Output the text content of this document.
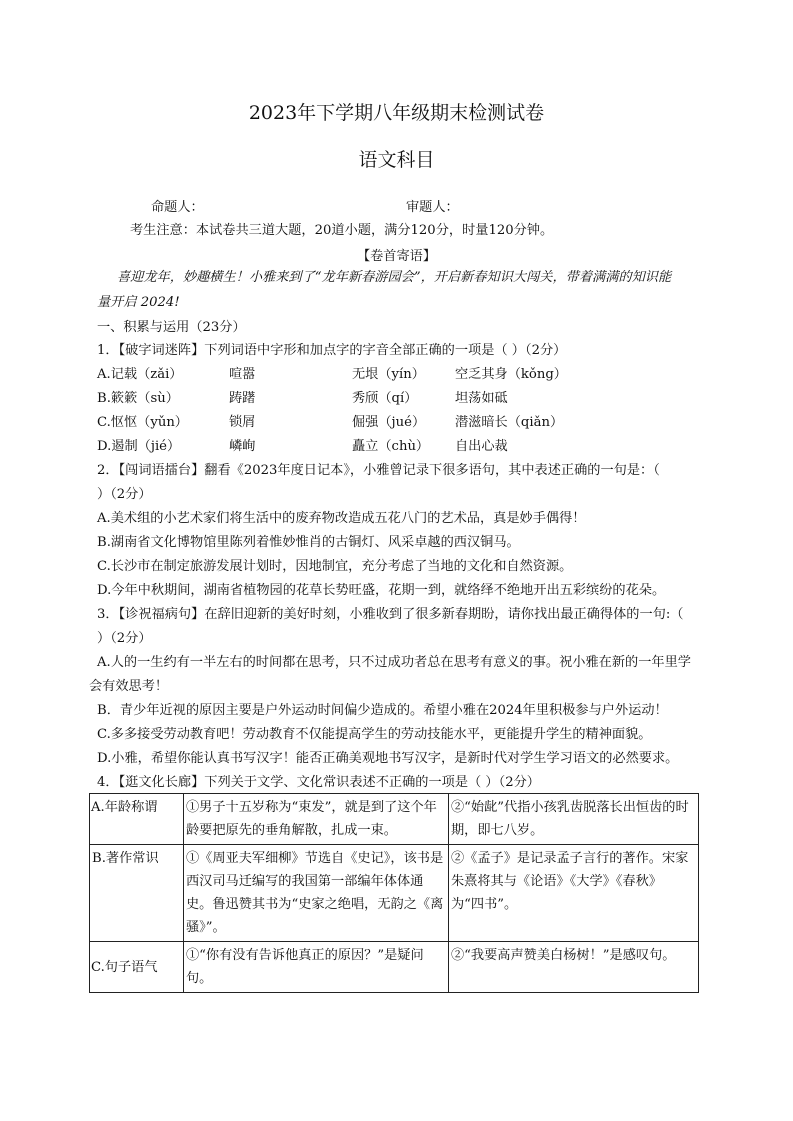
2023年下学期八年级期末检测试卷
语文科目
命题人：	审题人：
考生注意：本试卷共三道大题，20道小题，满分120分，时量120分钟。
【卷首寄语】
喜迎龙年，妙趣横生！小雅来到了“龙年新春游园会”，开启新春知识大闯关，带着满满的知识能
量开启 2024!
一、积累与运用（23分）
1．【破字词迷阵】下列词语中字形和加点字的字音全部正确的一项是（ ）（2分）
A.记载（zǎi）	喧嚣	无垠（yín） 空乏其身（kǒng）
B.簌簌（sù）	踌躇	秀颀（qí）	坦荡如砥
C.怄怄（yǔn）	锁屑	倔强（jué） 潜滋暗长（qiǎn）
D.遏制（jié）	嶙峋	矗立（chù） 自出心裁
2．【闯词语擂台】翻看《2023年度日记本》，小雅曾记录下很多语句，其中表述正确的一句是：（
）（2分）
A.美术组的小艺术家们将生活中的废弃物改造成五花八门的艺术品，真是妙手偶得！
B.湖南省文化博物馆里陈列着惟妙惟肖的古铜灯、风采卓越的西汉铜马。
C.长沙市在制定旅游发展计划时，因地制宜，充分考虑了当地的文化和自然资源。
D.今年中秋期间，湖南省植物园的花草长势旺盛，花期一到，就络绎不绝地开出五彩缤纷的花朵。
3．【诊祝福病句】在辞旧迎新的美好时刻，小雅收到了很多新春期盼，请你找出最正确得体的一句:（
）（2分）
A.人的一生约有一半左右的时间都在思考，只不过成功者总在思考有意义的事。祝小雅在新的一年里学
会有效思考！
B．青少年近视的原因主要是户外运动时间偏少造成的。希望小雅在2024年里积极参与户外运动！
C.多多接受劳动教育吧！劳动教育不仅能提高学生的劳动技能水平，更能提升学生的精神面貌。
D.小雅，希望你能认真书写汉字！能否正确美观地书写汉字，是新时代对学生学习语文的必然要求。
4．【逛文化长廊】下列关于文学、文化常识表述不正确的一项是（ ）（2分）
A.年龄称谓	①男子十五岁称为“束发”，就是到了这个年龄要把原先的垂角解散，扎成一束。	②“始龀”代指小孩乳齿脱落长出恒齿的时期，即七八岁。
B.著作常识	①《周亚夫军细柳》节选自《史记》，该书是西汉司马迁编写的我国第一部编年体体通史。鲁迅赞其书为“史家之绝唱，无韵之《离骚》”。	②《孟子》是记录孟子言行的著作。宋家朱熹将其与《论语》《大学》《春秋》
为“四书”。

C.句子语气	①“你有没有告诉他真正的原因？”是疑问句。	②“我要高声赞美白杨树！”是感叹句。
